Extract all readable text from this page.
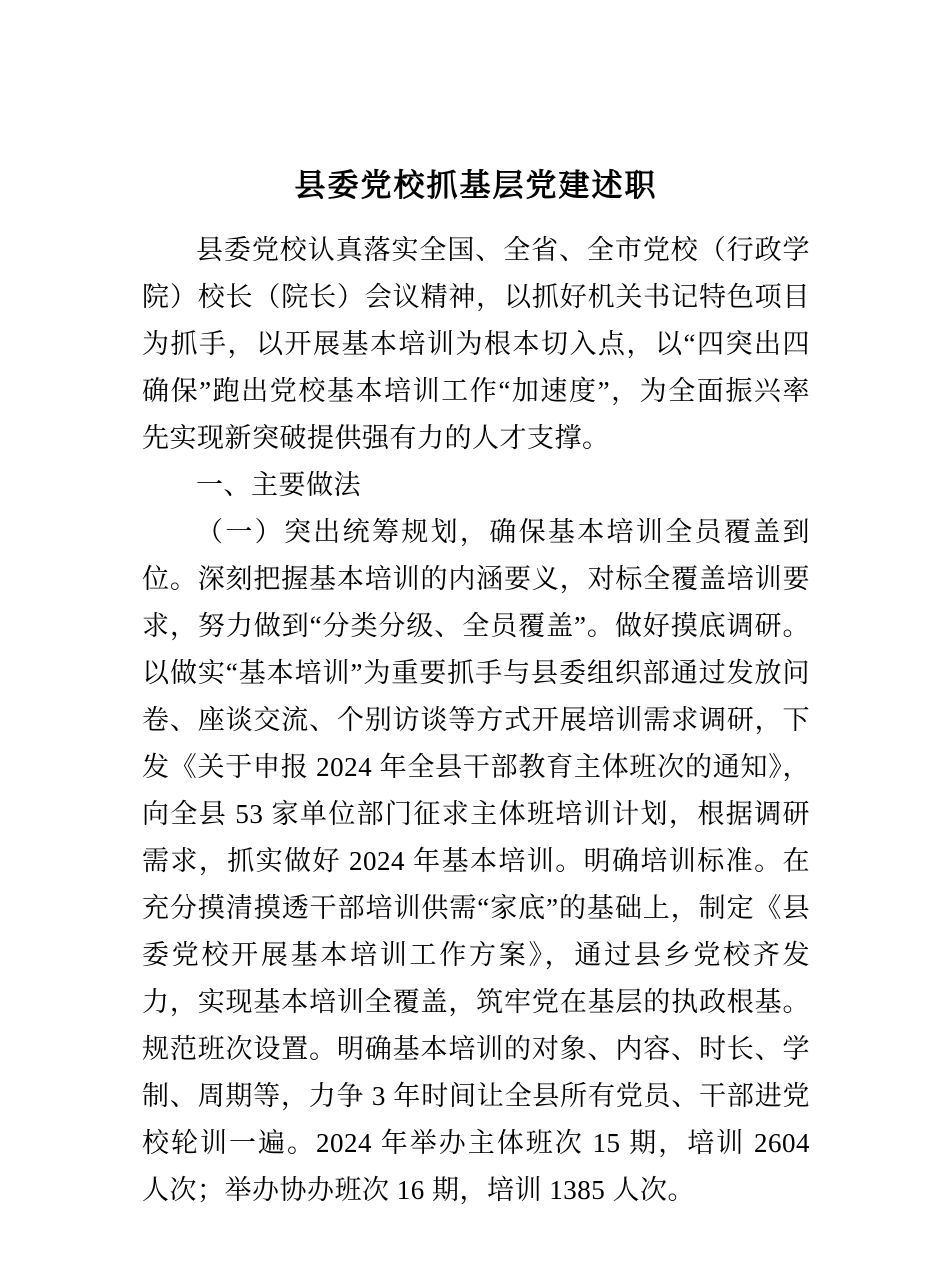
县委党校抓基层党建述职

县委党校认真落实全国、全省、全市党校（行政学院）校长（院长）会议精神，以抓好机关书记特色项目为抓手，以开展基本培训为根本切入点，以“四突出四确保”跑出党校基本培训工作“加速度”，为全面振兴率先实现新突破提供强有力的人才支撑。

一、主要做法

（一）突出统筹规划，确保基本培训全员覆盖到位。深刻把握基本培训的内涵要义，对标全覆盖培训要求，努力做到“分类分级、全员覆盖”。做好摸底调研。以做实“基本培训”为重要抓手与县委组织部通过发放问卷、座谈交流、个别访谈等方式开展培训需求调研，下发《关于申报 2024 年全县干部教育主体班次的通知》，向全县 53 家单位部门征求主体班培训计划，根据调研需求，抓实做好 2024 年基本培训。明确培训标准。在充分摸清摸透干部培训供需“家底”的基础上，制定《县委党校开展基本培训工作方案》，通过县乡党校齐发力，实现基本培训全覆盖，筑牢党在基层的执政根基。规范班次设置。明确基本培训的对象、内容、时长、学制、周期等，力争 3 年时间让全县所有党员、干部进党校轮训一遍。2024 年举办主体班次 15 期，培训 2604 人次；举办协办班次 16 期，培训 1385 人次。
